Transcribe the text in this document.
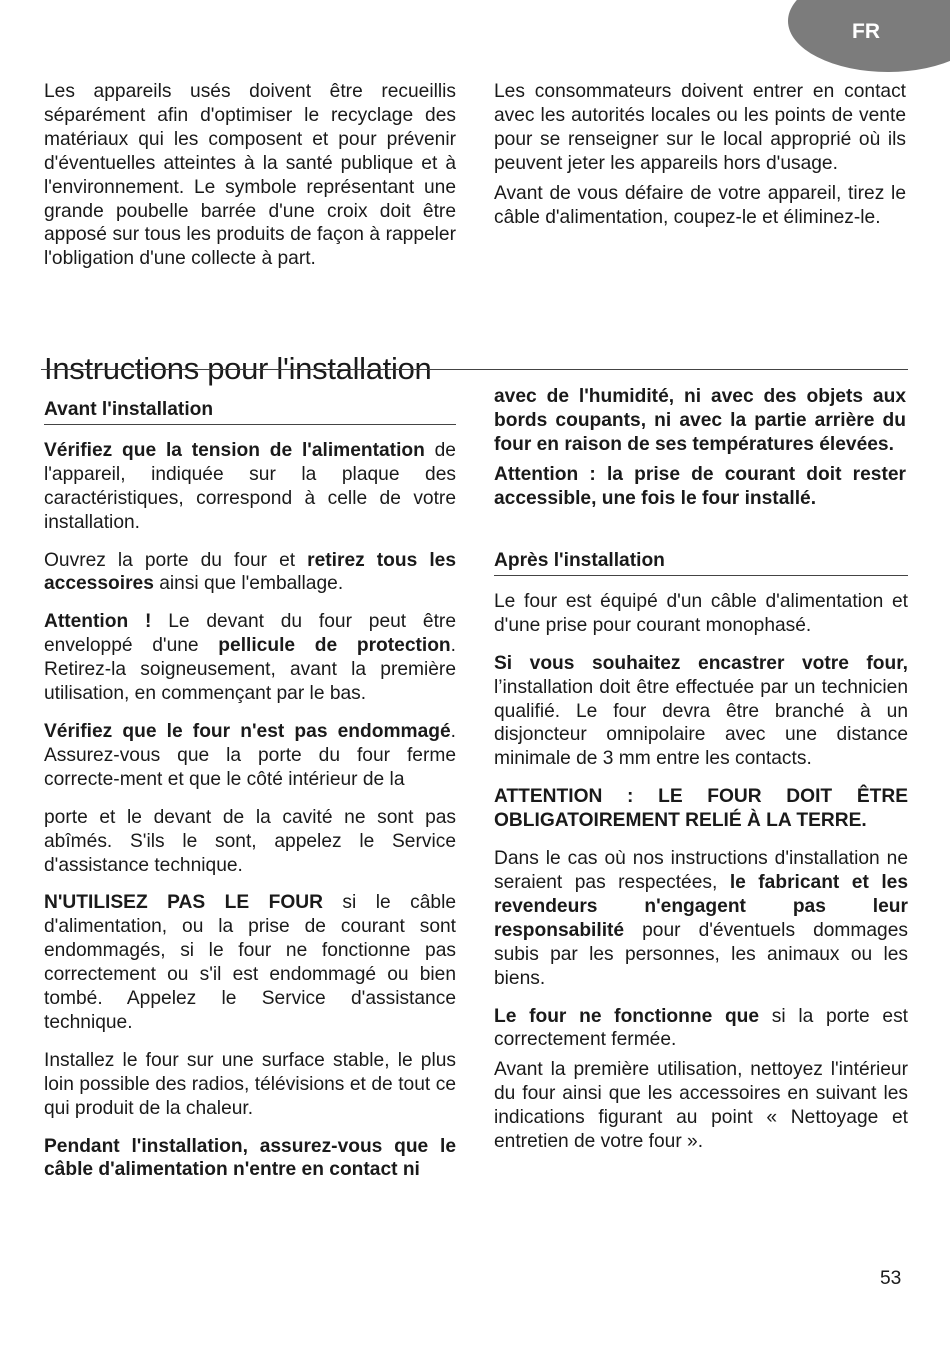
FR

Les appareils usés doivent être recueillis séparément afin d'optimiser le recyclage des matériaux qui les composent et pour prévenir d'éventuelles atteintes à la santé publique et à l'environnement. Le symbole représentant une grande poubelle barrée d'une croix doit être apposé sur tous les produits de façon à rappeler l'obligation d'une collecte à part.

Les consommateurs doivent entrer en contact avec les autorités locales ou les points de vente pour se renseigner sur le local approprié où ils peuvent jeter les appareils hors d'usage.

Avant de vous défaire de votre appareil, tirez le câble d'alimentation, coupez-le et éliminez-le.

Instructions pour l'installation
Avant l'installation

Vérifiez que la tension de l'alimentation de l'appareil, indiquée sur la plaque des caractéristiques, correspond à celle de votre installation.

Ouvrez la porte du four et retirez tous les accessoires ainsi que l'emballage.

Attention ! Le devant du four peut être enveloppé d'une pellicule de protection. Retirez-la soigneusement, avant la première utilisation, en commençant par le bas.

Vérifiez que le four n'est pas endommagé. Assurez-vous que la porte du four ferme correcte-ment et que le côté intérieur de la

porte et le devant de la cavité ne sont pas abîmés. S'ils le sont, appelez le Service d'assistance technique.

N'UTILISEZ PAS LE FOUR si le câble d'alimentation, ou la prise de courant sont endommagés, si le four ne fonctionne pas correctement ou s'il est endommagé ou bien tombé. Appelez le Service d'assistance technique.

Installez le four sur une surface stable, le plus loin possible des radios, télévisions et de tout ce qui produit de la chaleur.

Pendant l'installation, assurez-vous que le câble d'alimentation n'entre en contact ni

avec de l'humidité, ni avec des objets aux bords coupants, ni avec la partie arrière du four en raison de ses températures élevées.

Attention : la prise de courant doit rester accessible, une fois le four installé.

Après l'installation

Le four est équipé d'un câble d'alimentation et d'une prise pour courant monophasé.

Si vous souhaitez encastrer votre four, l’installation doit être effectuée par un technicien qualifié. Le four devra être branché à un disjoncteur omnipolaire avec une distance minimale de 3 mm entre les contacts.

ATTENTION : LE FOUR DOIT ÊTRE OBLIGATOIREMENT RELIÉ À LA TERRE.

Dans le cas où nos instructions d'installation ne seraient pas respectées, le fabricant et les revendeurs n'engagent pas leur responsabilité pour d'éventuels dommages subis par les personnes, les animaux ou les biens.

Le four ne fonctionne que si la porte est correctement fermée.

Avant la première utilisation, nettoyez l'intérieur du four ainsi que les accessoires en suivant les indications figurant au point « Nettoyage et entretien de votre four ».

53
